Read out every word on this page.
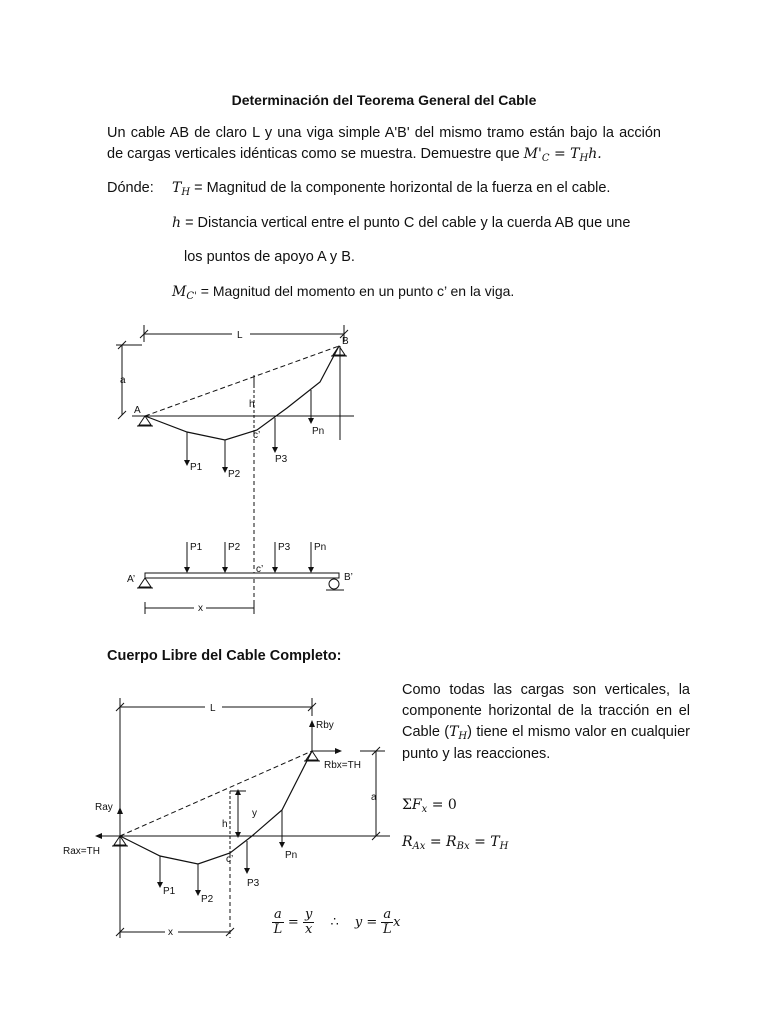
Determinación del Teorema General del Cable
Un cable AB de claro L y una viga simple A'B' del mismo tramo están bajo la acción de cargas verticales idénticas como se muestra. Demuestre que $M'_C = T_Hh$.
Dónde: $T_H$ = Magnitud de la componente horizontal de la fuerza en el cable.
h = Distancia vertical entre el punto C del cable y la cuerda AB que une
los puntos de apoyo A y B.
$M_{C'}$ = Magnitud del momento en un punto c’ en la viga.
L
a
A
B
h
c’
P1
P2
P3
Pn
A’	B’
c’
P1	P2	P3 Pn
x
Cuerpo Libre del Cable Completo:
L
Rby
Rbx=TH
Ray
Rax=TH
a
y
h
c’
P1
P2
P3
Pn
x
Como todas las cargas son verticales, la componente horizontal de la tracción en el Cable $(T_H)$ tiene el mismo valor en cualquier punto y las reacciones.
$\Sigma F_x = 0$
$R_{Ax} = R_{Bx} = T_H$
$\frac{a}{L} = \frac{y}{x}$ ∴ $y = \frac{a}{L}$ x
